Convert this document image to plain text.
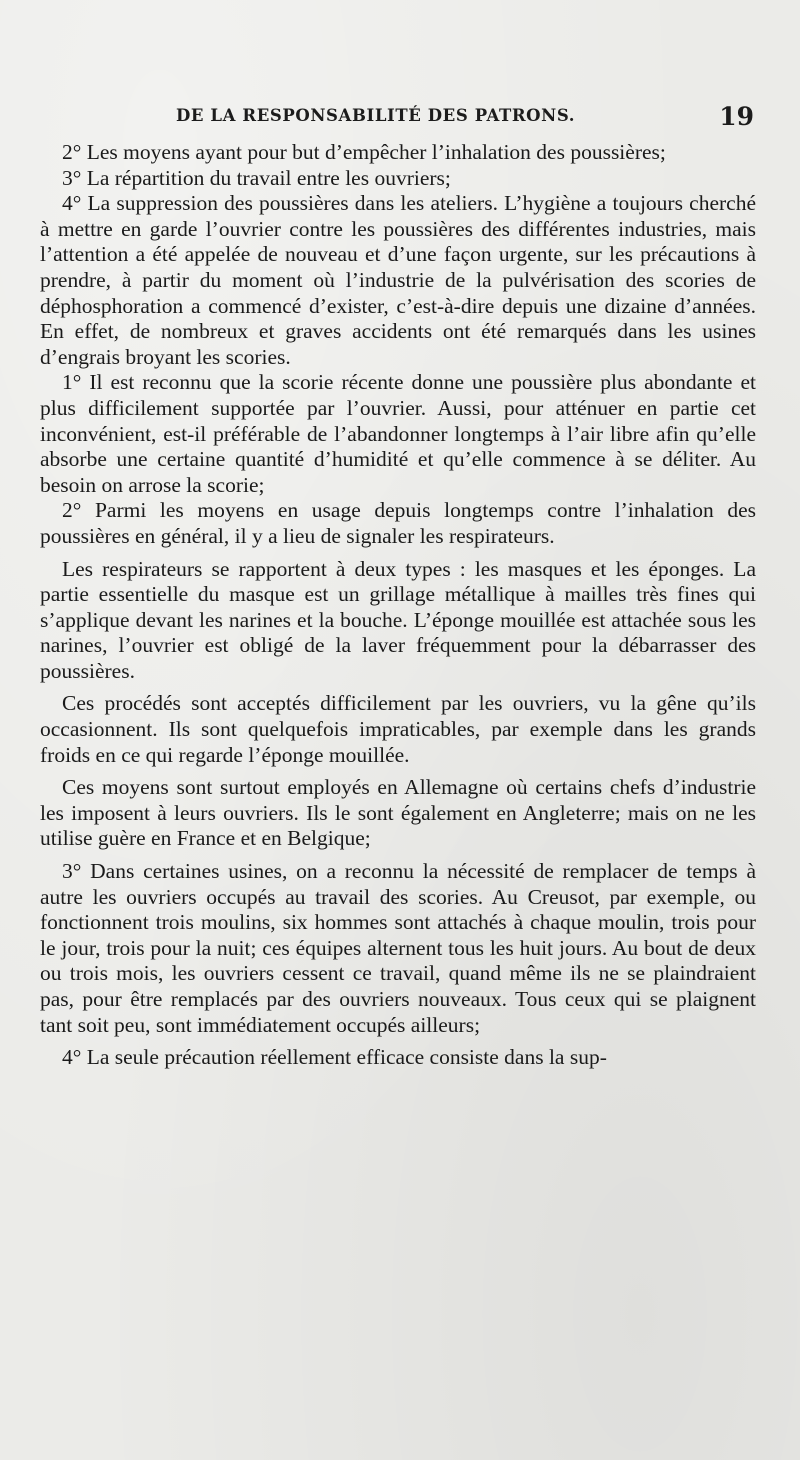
DE LA RESPONSABILITÉ DES PATRONS.	19

2° Les moyens ayant pour but d’empêcher l’inhalation des poussières;

3° La répartition du travail entre les ouvriers;

4° La suppression des poussières dans les ateliers. L’hygiène a toujours cherché à mettre en garde l’ouvrier contre les poussières des différentes industries, mais l’attention a été appelée de nouveau et d’une façon urgente, sur les précautions à prendre, à partir du moment où l’industrie de la pulvérisation des scories de déphosphoration a commencé d’exister, c’est-à-dire depuis une dizaine d’années. En effet, de nombreux et graves accidents ont été remarqués dans les usines d’engrais broyant les scories.

1° Il est reconnu que la scorie récente donne une poussière plus abondante et plus difficilement supportée par l’ouvrier. Aussi, pour atténuer en partie cet inconvénient, est-il préférable de l’abandonner longtemps à l’air libre afin qu’elle absorbe une certaine quantité d’humidité et qu’elle commence à se déliter. Au besoin on arrose la scorie;

2° Parmi les moyens en usage depuis longtemps contre l’inhalation des poussières en général, il y a lieu de signaler les respirateurs.

Les respirateurs se rapportent à deux types : les masques et les éponges. La partie essentielle du masque est un grillage métallique à mailles très fines qui s’applique devant les narines et la bouche. L’éponge mouillée est attachée sous les narines, l’ouvrier est obligé de la laver fréquemment pour la débarrasser des poussières.

Ces procédés sont acceptés difficilement par les ouvriers, vu la gêne qu’ils occasionnent. Ils sont quelquefois impraticables, par exemple dans les grands froids en ce qui regarde l’éponge mouillée.

Ces moyens sont surtout employés en Allemagne où certains chefs d’industrie les imposent à leurs ouvriers. Ils le sont également en Angleterre; mais on ne les utilise guère en France et en Belgique;

3° Dans certaines usines, on a reconnu la nécessité de remplacer de temps à autre les ouvriers occupés au travail des scories. Au Creusot, par exemple, ou fonctionnent trois moulins, six hommes sont attachés à chaque moulin, trois pour le jour, trois pour la nuit; ces équipes alternent tous les huit jours. Au bout de deux ou trois mois, les ouvriers cessent ce travail, quand même ils ne se plaindraient pas, pour être remplacés par des ouvriers nouveaux. Tous ceux qui se plaignent tant soit peu, sont immédiatement occupés ailleurs;

4° La seule précaution réellement efficace consiste dans la sup-
